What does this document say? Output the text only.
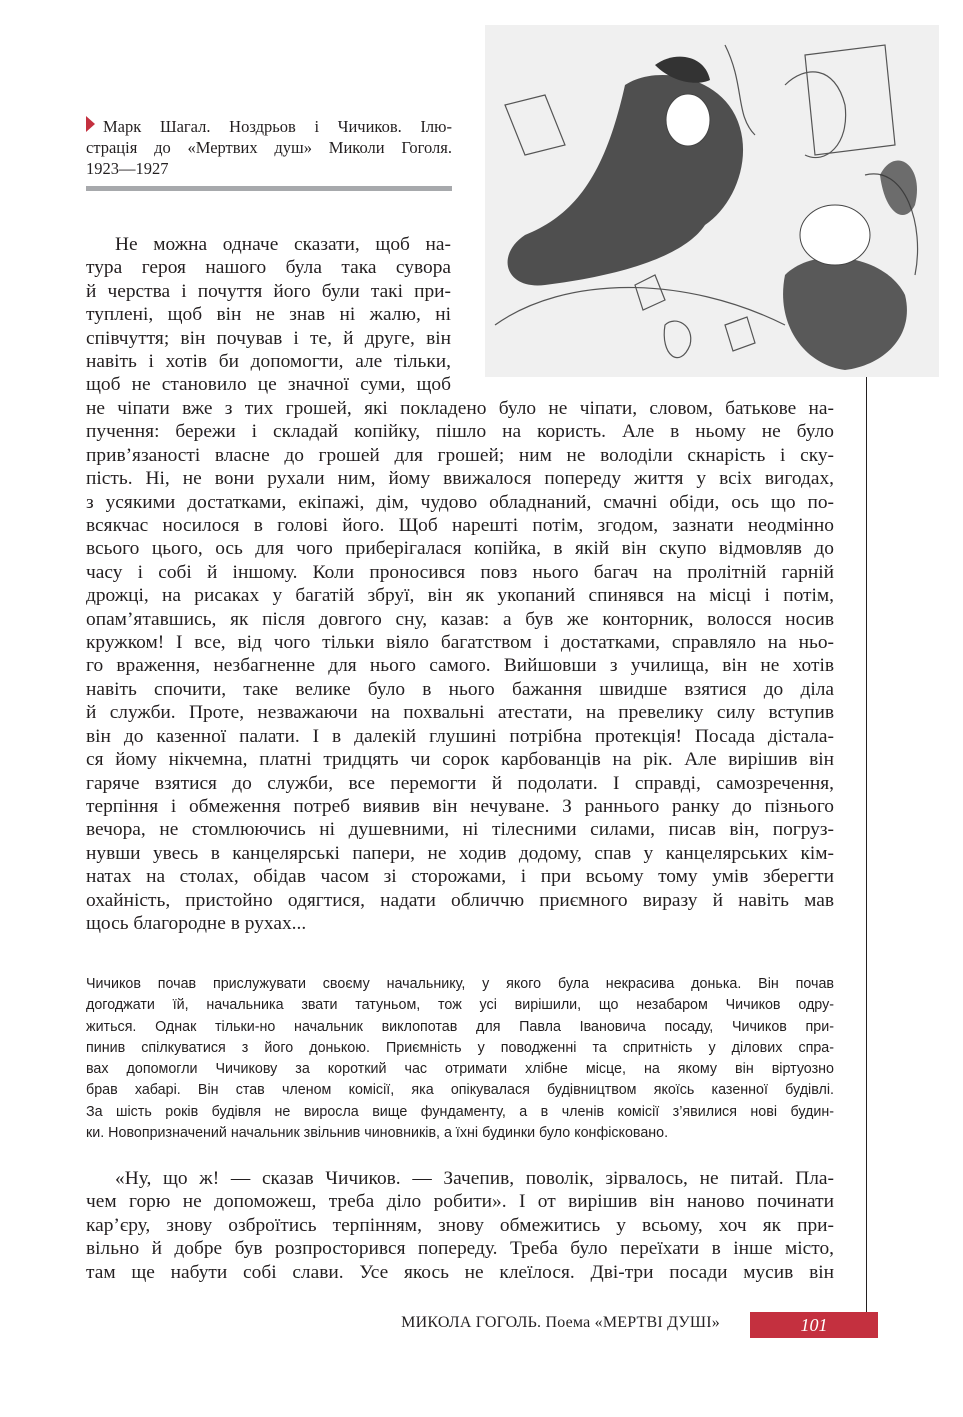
Марк Шагал. Ноздрьов і Чичиков. Ілю-
страція до «Мертвих душ» Миколи Гоголя.
1923—1927
Не можна одначе сказати, щоб на-
тура героя нашого була така сувора
й черства і почуття його були такі при-
туплені, щоб він не знав ні жалю, ні
співчуття; він почував і те, й друге, він
навіть і хотів би допомогти, але тільки,
щоб не становило це значної суми, щоб
не чіпати вже з тих грошей, які покладено було не чіпати, словом, батькове на-
пучення: бережи і складай копійку, пішло на користь. Але в ньому не було
прив’язаності власне до грошей для грошей; ним не володіли скнарість і ску-
пість. Ні, не вони рухали ним, йому ввижалося попереду життя у всіх вигодах,
з усякими достатками, екіпажі, дім, чудово обладнаний, смачні обіди, ось що по-
всякчас носилося в голові його. Щоб нарешті потім, згодом, зазнати неодмінно
всього цього, ось для чого приберігалася копійка, в якій він скупо відмовляв до
часу і собі й іншому. Коли проносився повз нього багач на пролітній гарній
дрожці, на рисаках у багатій збруї, він як укопаний спинявся на місці і потім,
опам’ятавшись, як після довгого сну, казав: а був же конторник, волосся носив
кружком! І все, від чого тільки віяло багатством і достатками, справляло на ньо-
го враження, незбагненне для нього самого. Вийшовши з училища, він не хотів
навіть спочити, таке велике було в нього бажання швидше взятися до діла
й служби. Проте, незважаючи на похвальні атестати, на превелику силу вступив
він до казенної палати. І в далекій глушині потрібна протекція! Посада дістала-
ся йому нікчемна, платні тридцять чи сорок карбованців на рік. Але вирішив він
гаряче взятися до служби, все перемогти й подолати. І справді, самозречення,
терпіння і обмеження потреб виявив він нечуване. З раннього ранку до пізнього
вечора, не стомлюючись ні душевними, ні тілесними силами, писав він, погруз-
нувши увесь в канцелярські папери, не ходив додому, спав у канцелярських кім-
натах на столах, обідав часом зі сторожами, і при всьому тому умів зберегти
охайність, пристойно одягтися, надати обличчю приємного виразу й навіть мав
щось благородне в рухах...
Чичиков почав прислужувати своєму начальнику, у якого була некрасива донька. Він почав
догоджати їй, начальника звати татуньом, тож усі вирішили, що незабаром Чичиков одру-
житься. Однак тільки-но начальник виклопотав для Павла Івановича посаду, Чичиков при-
пинив спілкуватися з його донькою. Приємність у поводженні та спритність у ділових спра-
вах допомогли Чичикову за короткий час отримати хлібне місце, на якому він віртуозно
брав хабарі. Він став членом комісії, яка опікувалася будівництвом якоїсь казенної будівлі.
За шість років будівля не виросла вище фундаменту, а в членів комісії з’явилися нові будин-
ки. Новопризначений начальник звільнив чиновників, а їхні будинки було конфісковано.
«Ну, що ж! — сказав Чичиков. — Зачепив, поволік, зірвалось, не питай. Пла-
чем горю не допоможеш, треба діло робити». І от вирішив він наново починати
кар’єру, знову озброїтись терпінням, знову обмежитись у всьому, хоч як при-
вільно й добре був розпросторився попереду. Треба було переїхати в інше місто,
там ще набути собі слави. Усе якось не клеїлося. Дві-три посади мусив він
МИКОЛА ГОГОЛЬ. Поема «МЕРТВІ ДУШІ»	101
